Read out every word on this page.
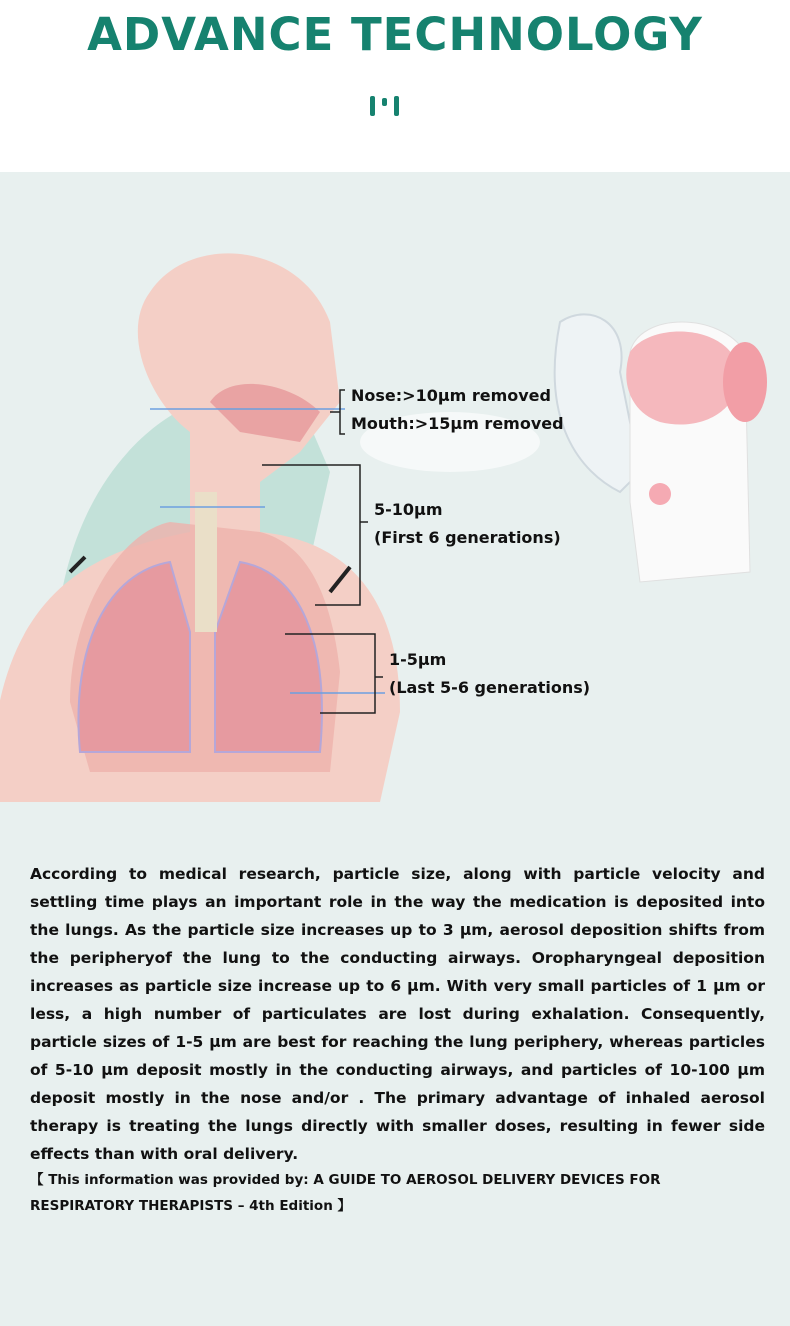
ADVANCE TECHNOLOGY
Nose:>10μm removed
Mouth:>15μm removed
5-10μm
(First 6 generations)
1-5μm
(Last 5-6 generations)

According to medical research, particle size, along with particle velocity and settling time plays an important role in the way the medication is deposited into the lungs. As the particle size increases up to 3 μm, aerosol deposition shifts from the peripheryof the lung to the conducting airways. Oropharyngeal deposition increases as particle size increase up to 6 μm. With very small particles of 1 μm or less, a high number of particulates are lost during exhalation. Consequently, particle sizes of 1-5 μm are best for reaching the lung periphery, whereas particles of 5-10 μm deposit mostly in the conducting airways, and particles of 10-100 μm deposit mostly in the nose and/or . The primary advantage of inhaled aerosol therapy is treating the lungs directly with smaller doses, resulting in fewer side effects than with oral delivery.

【 This information was provided by: A GUIDE TO AEROSOL DELIVERY DEVICES FOR RESPIRATORY THERAPISTS – 4th Edition 】
